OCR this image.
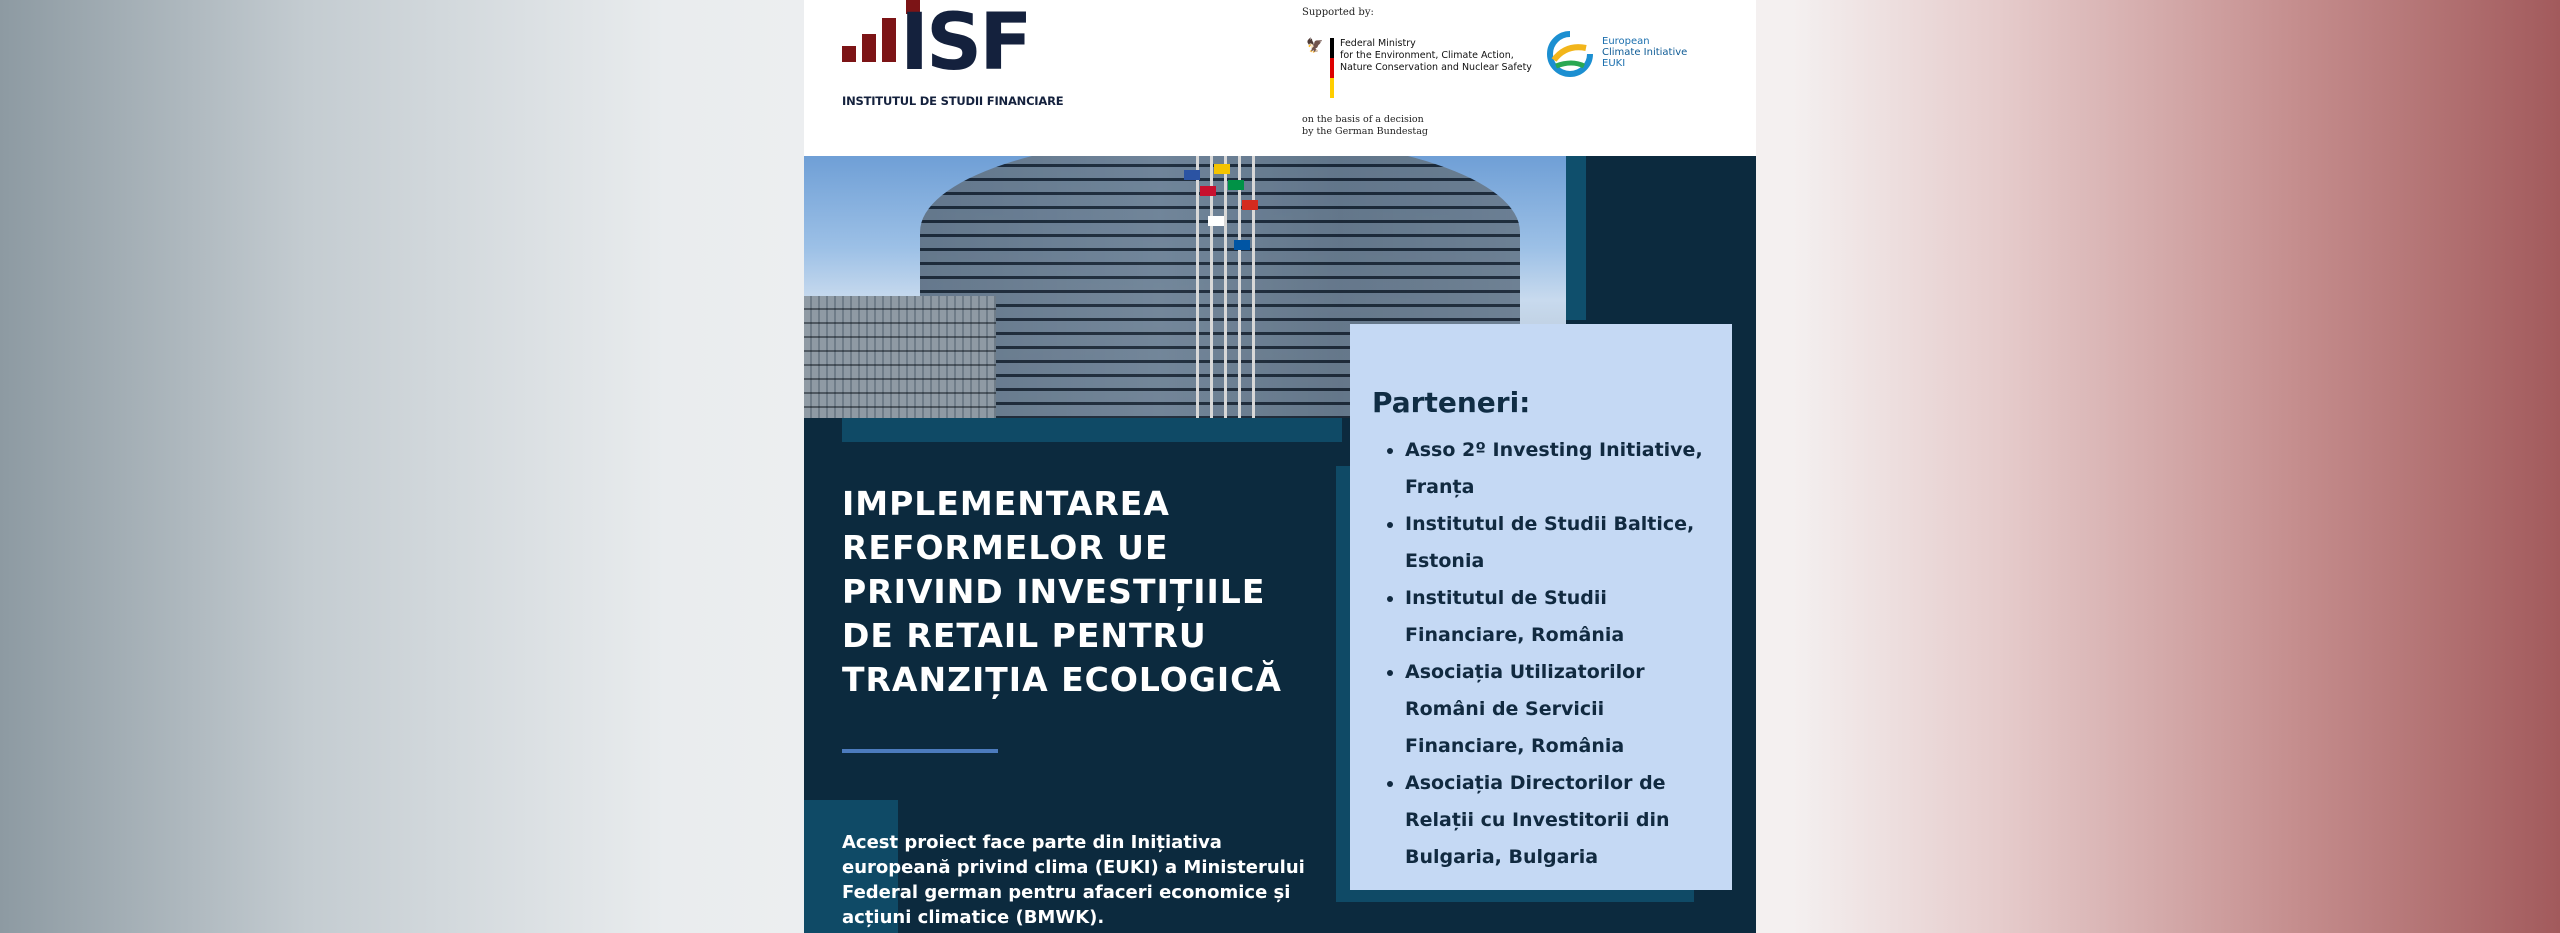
ISF
INSTITUTUL DE STUDII FINANCIARE
Supported by:
🦅 Federal Ministry
for the Environment, Climate Action,
Nature Conservation and Nuclear Safety
on the basis of a decision
by the German Bundestag
European
Climate Initiative
EUKI
IMPLEMENTAREA
REFORMELOR UE
PRIVIND INVESTIȚIILE
DE RETAIL PENTRU
TRANZIȚIA ECOLOGICĂ
Acest proiect face parte din Inițiativa europeană privind clima (EUKI) a Ministerului Federal german pentru afaceri economice și acțiuni climatice (BMWK).
Parteneri:
• Asso 2º Investing Initiative, Franța
• Institutul de Studii Baltice, Estonia
• Institutul de Studii Financiare, România
• Asociația Utilizatorilor Români de Servicii Financiare, România
• Asociația Directorilor de Relații cu Investitorii din Bulgaria, Bulgaria
